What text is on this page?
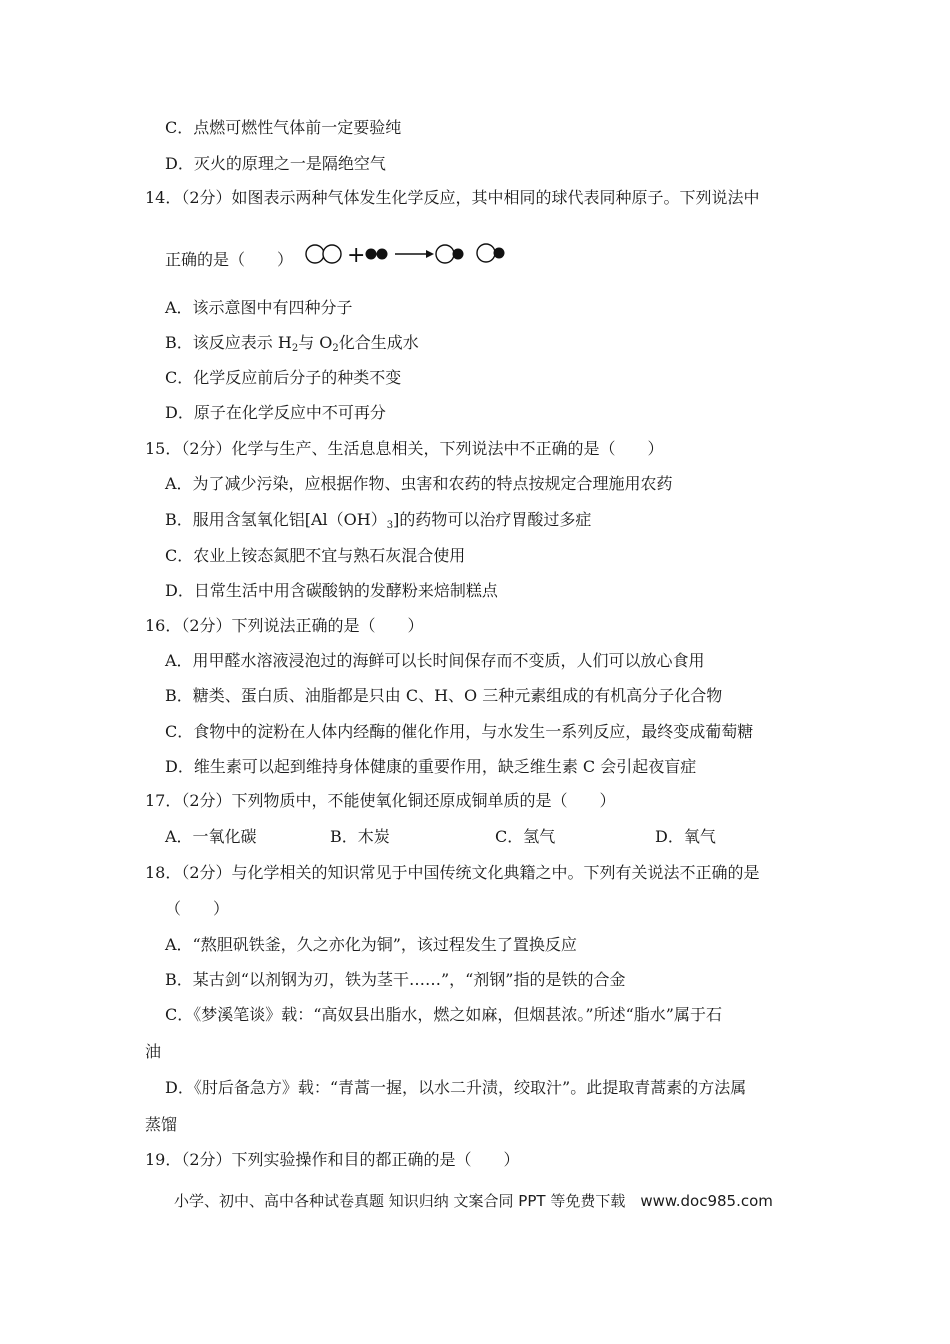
C．点燃可燃性气体前一定要验纯
D．灭火的原理之一是隔绝空气
14．（2分）如图表示两种气体发生化学反应，其中相同的球代表同种原子。下列说法中
正确的是（　　） +
A．该示意图中有四种分子
B．该反应表示 $H_2$与 $O_2$化合生成水
C．化学反应前后分子的种类不变
D．原子在化学反应中不可再分
15．（2分）化学与生产、生活息息相关，下列说法中不正确的是（　　）
A．为了减少污染，应根据作物、虫害和农药的特点按规定合理施用农药
B．服用含氢氧化铝$[Al(OH)_3]$的药物可以治疗胃酸过多症
C．农业上铵态氮肥不宜与熟石灰混合使用
D．日常生活中用含碳酸钠的发酵粉来焙制糕点
16．（2分）下列说法正确的是（　　）
A．用甲醛水溶液浸泡过的海鲜可以长时间保存而不变质，人们可以放心食用
B．糖类、蛋白质、油脂都是只由 C、H、O 三种元素组成的有机高分子化合物
C．食物中的淀粉在人体内经酶的催化作用，与水发生一系列反应，最终变成葡萄糖
D．维生素可以起到维持身体健康的重要作用，缺乏维生素 C 会引起夜盲症
17．（2分）下列物质中，不能使氧化铜还原成铜单质的是（　　）
A．一氧化碳	B．木炭	C．氢气	D．氧气
18．（2分）与化学相关的知识常见于中国传统文化典籍之中。下列有关说法不正确的是
（　　）
A．“熬胆矾铁釜，久之亦化为铜”，该过程发生了置换反应
B．某古剑“以剂钢为刃，铁为茎干……”，“剂钢”指的是铁的合金
C．《梦溪笔谈》载：“高奴县出脂水，燃之如麻，但烟甚浓。”所述“脂水”属于石
油
D．《肘后备急方》载：“青蒿一握，以水二升渍，绞取汁”。此提取青蒿素的方法属
蒸馏
19．（2分）下列实验操作和目的都正确的是（　　）
小学、初中、高中各种试卷真题 知识归纳 文案合同 PPT 等免费下载　www.doc985.com
